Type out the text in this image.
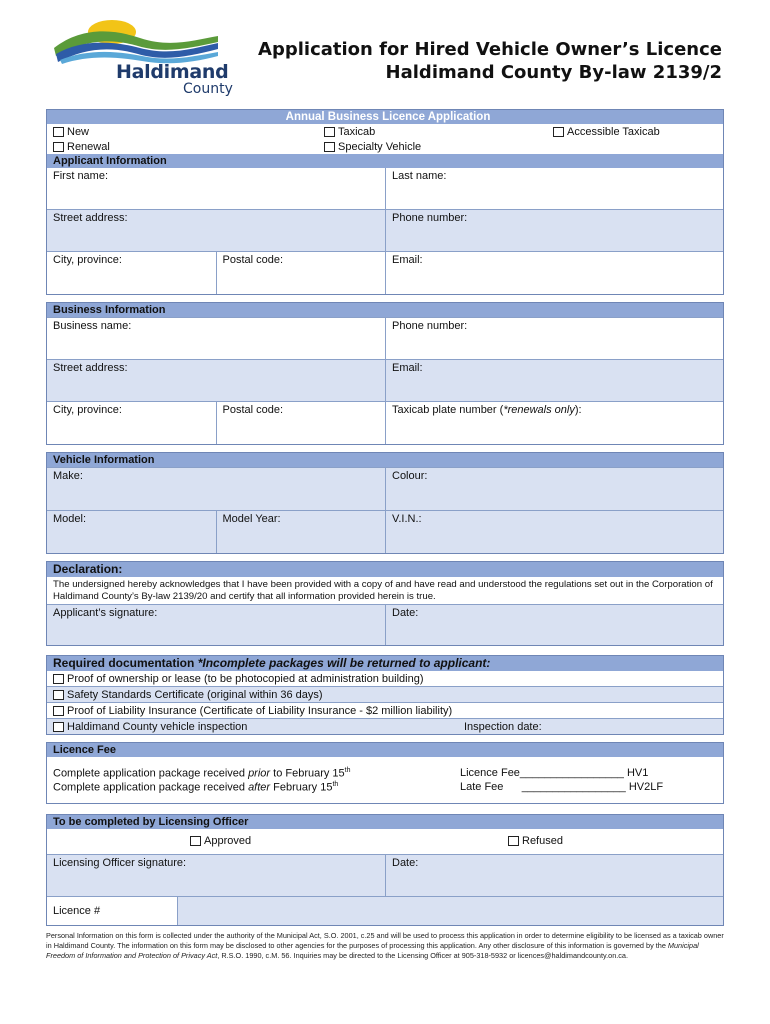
Haldimand
County
Application for Hired Vehicle Owner’s Licence
Haldimand County By-law 2139/2
Annual Business Licence Application
New
Renewal
Taxicab
Specialty Vehicle
Accessible Taxicab
Applicant Information
First name:	Last name:
Street address:	Phone number:
City, province:	Postal code:	Email:
Business Information
Business name:	Phone number:
Street address:	Email:
City, province:	Postal code:	Taxicab plate number (*renewals only):
Vehicle Information
Make:	Colour:
Model:	Model Year:	V.I.N.:
Declaration:
The undersigned hereby acknowledges that I have been provided with a copy of and have read and understood the regulations set out in the Corporation of Haldimand County’s By-law 2139/20 and certify that all information provided herein is true.
Applicant’s signature:	Date:
Required documentation *Incomplete packages will be returned to applicant:
Proof of ownership or lease (to be photocopied at administration building)
Safety Standards Certificate (original within 36 days)
Proof of Liability Insurance (Certificate of Liability Insurance - $2 million liability)
Haldimand County vehicle inspection	Inspection date:
Licence Fee
Complete application package received prior to February 15th
Complete application package received after February 15th
Licence Fee_________________ HV1
Late Fee      _________________ HV2LF
To be completed by Licensing Officer
Approved	Refused
Licensing Officer signature:	Date:
Licence #
Personal Information on this form is collected under the authority of the Municipal Act, S.O. 2001, c.25 and will be used to process this application in order to determine eligibility to be licensed as a taxicab owner in Haldimand County. The information on this form may be disclosed to other agencies for the purposes of processing this application. Any other disclosure of this information is governed by the Municipal Freedom of Information and Protection of Privacy Act, R.S.O. 1990, c.M. 56. Inquiries may be directed to the Licensing Officer at 905-318-5932 or licences@haldimandcounty.on.ca.
